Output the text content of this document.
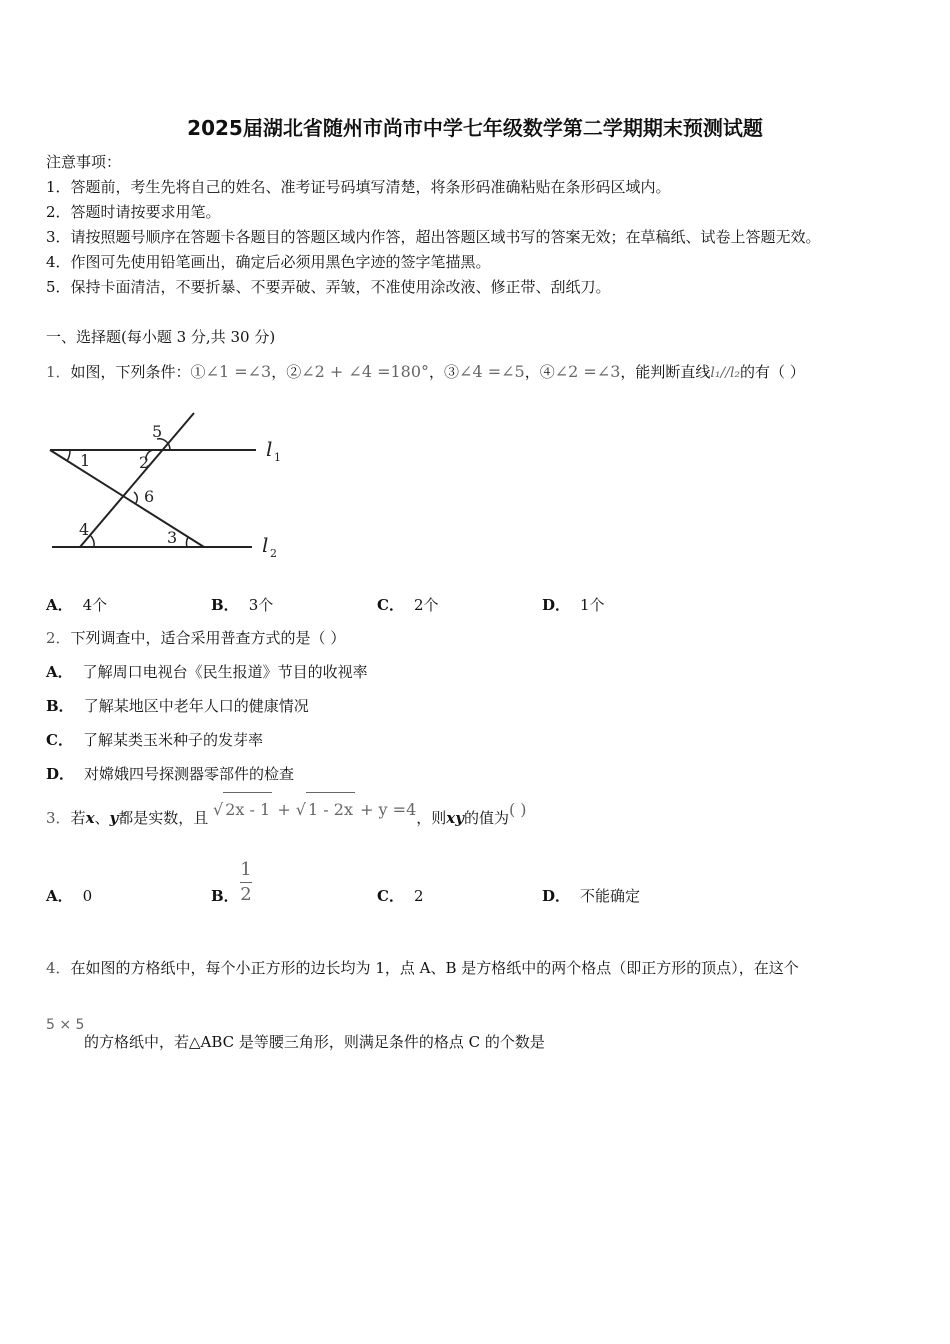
2025届湖北省随州市尚市中学七年级数学第二学期期末预测试题
注意事项：
1．答题前，考生先将自己的姓名、准考证号码填写清楚，将条形码准确粘贴在条形码区域内。
2．答题时请按要求用笔。
3．请按照题号顺序在答题卡各题目的答题区域内作答，超出答题区域书写的答案无效；在草稿纸、试卷上答题无效。
4．作图可先使用铅笔画出，确定后必须用黑色字迹的签字笔描黑。
5．保持卡面清洁，不要折暴、不要弄破、弄皱，不准使用涂改液、修正带、刮纸刀。
一、选择题(每小题 3 分,共 30 分)
1．如图，下列条件：①∠1 =∠3，②∠2 + ∠4 =180°，③∠4 =∠5，④∠2 =∠3，能判断直线l₁//l₂的有（ ）
5
1	2
6
4	3
l 1
l 2
A． 4个	B． 3个	C． 2个	D． 1个
2．下列调查中，适合采用普查方式的是（ ）
A． 了解周口电视台《民生报道》节目的收视率
B． 了解某地区中老年人口的健康情况
C． 了解某类玉米种子的发芽率
D． 对嫦娥四号探测器零部件的检查
3．若x、y都是实数，且 √ 2x - 1 + √ 1 - 2x + y =4，则xy的值为( )
A． 0	B．
1
2	C． 2	D． 不能确定
4．在如图的方格纸中，每个小正方形的边长均为 1，点 A、B 是方格纸中的两个格点（即正方形的顶点），在这个
5 × 5
的方格纸中，若△ABC 是等腰三角形，则满足条件的格点 C 的个数是
